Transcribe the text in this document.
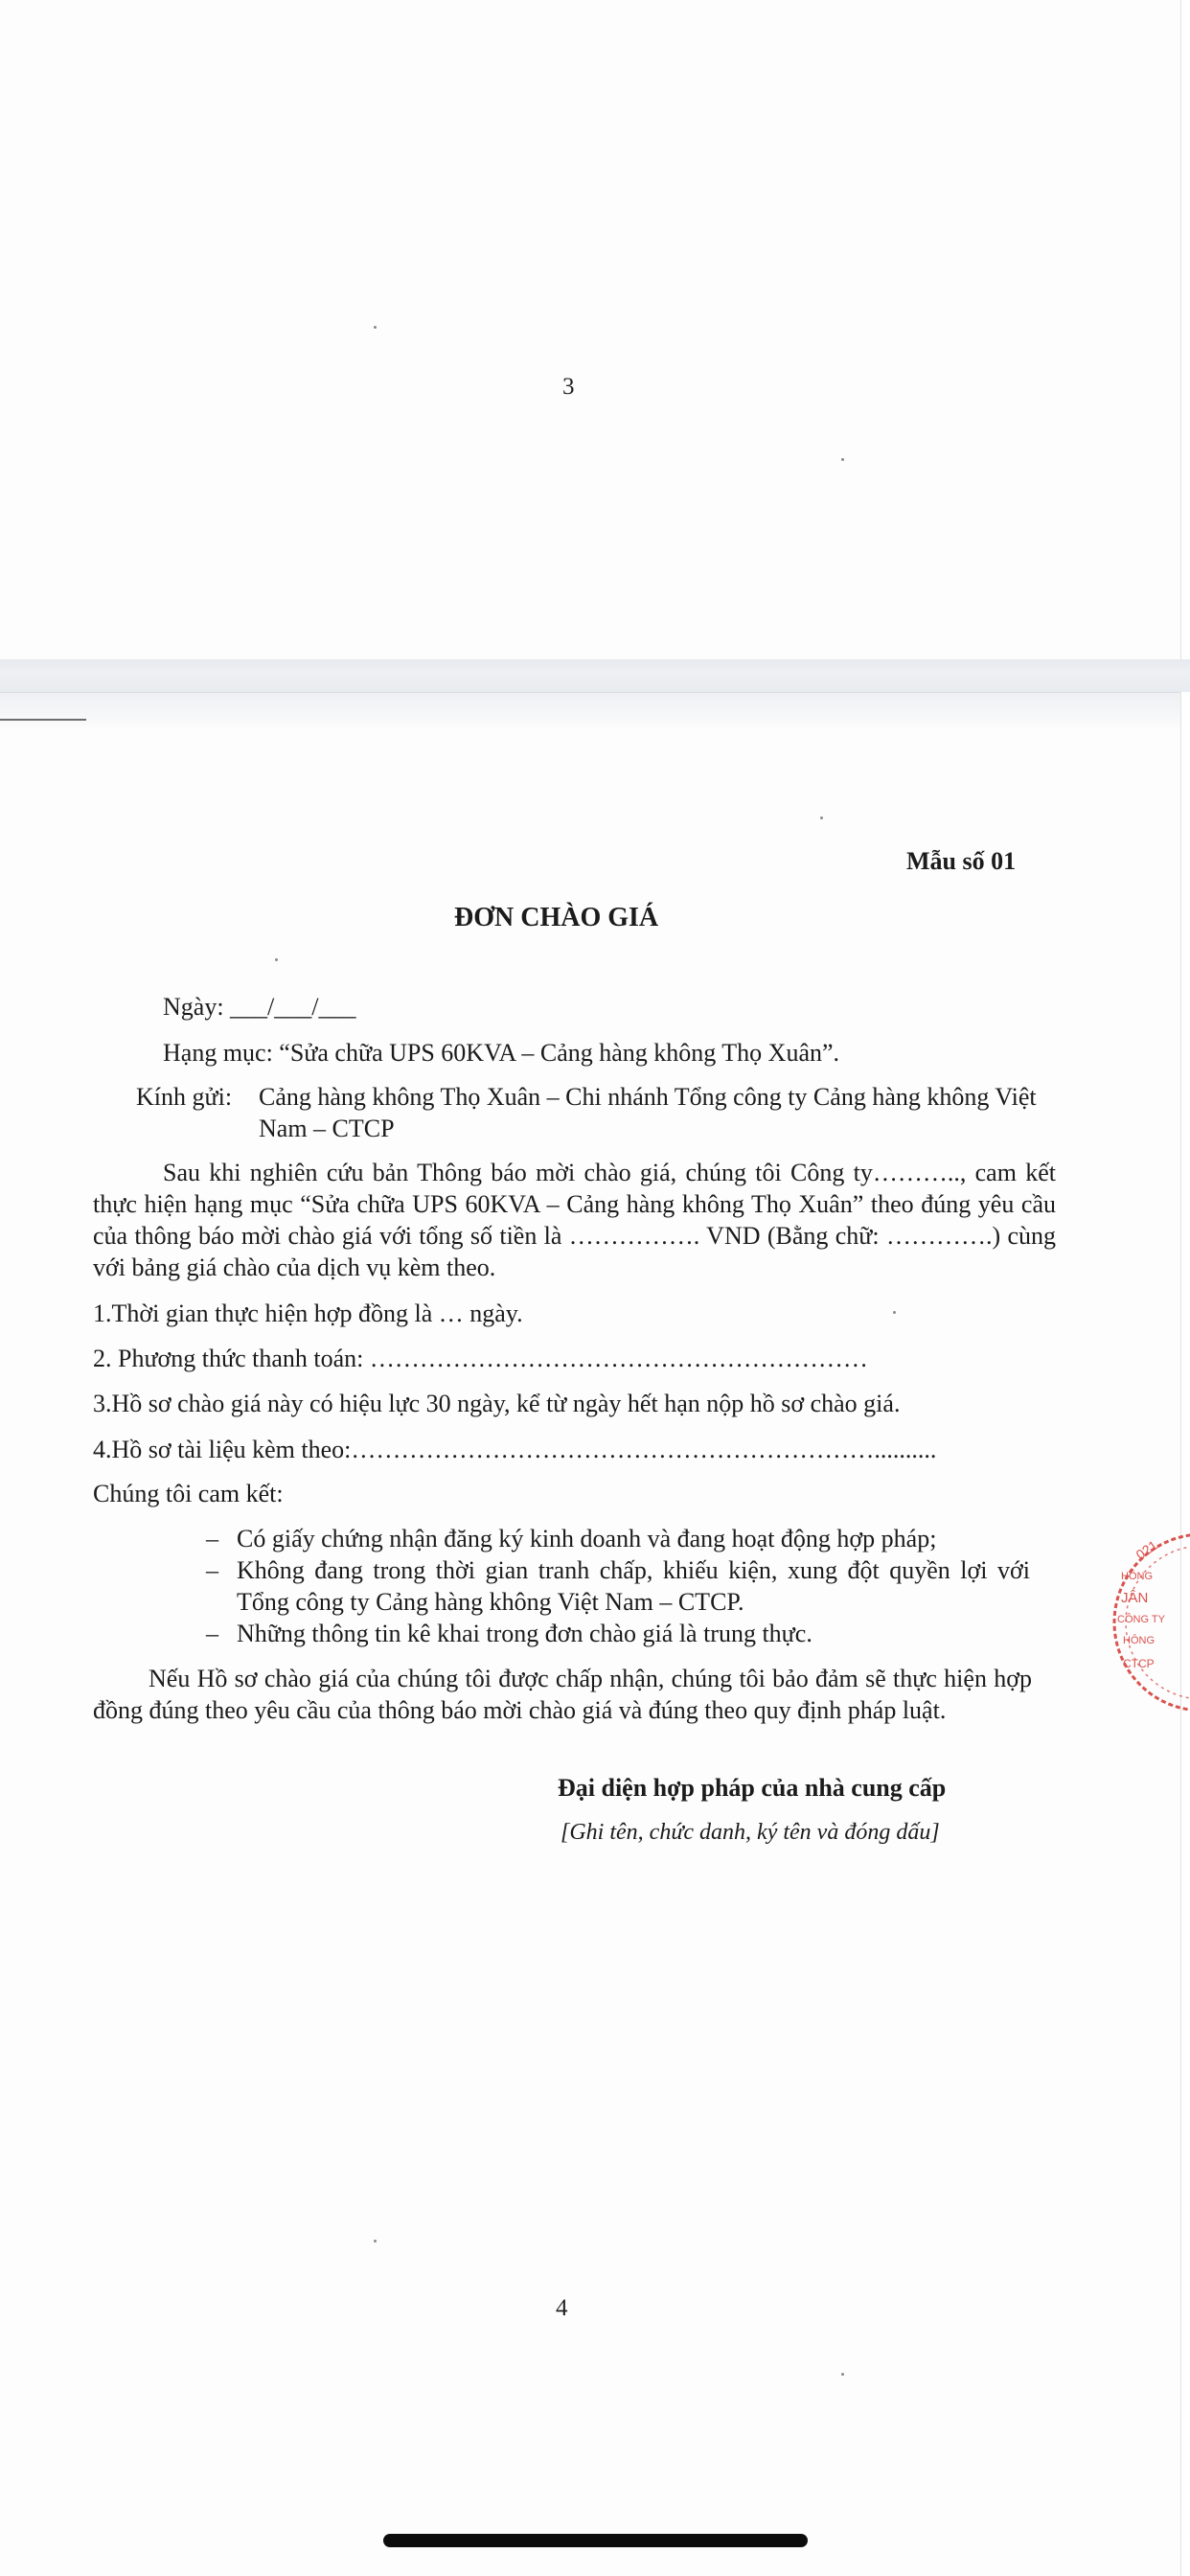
3
Mẫu số 01
ĐƠN CHÀO GIÁ
Ngày: ___/___/___
Hạng mục: “Sửa chữa UPS 60KVA – Cảng hàng không Thọ Xuân”.
Kính gửi: Cảng hàng không Thọ Xuân – Chi nhánh Tổng công ty Cảng hàng không Việt Nam – CTCP
Sau khi nghiên cứu bản Thông báo mời chào giá, chúng tôi Công ty……….., cam kết thực hiện hạng mục “Sửa chữa UPS 60KVA – Cảng hàng không Thọ Xuân” theo đúng yêu cầu của thông báo mời chào giá với tổng số tiền là ……………. VND (Bằng chữ: ………….) cùng với bảng giá chào của dịch vụ kèm theo.
1.Thời gian thực hiện hợp đồng là … ngày.
2. Phương thức thanh toán: ……………………………………………………
3.Hồ sơ chào giá này có hiệu lực 30 ngày, kể từ ngày hết hạn nộp hồ sơ chào giá.
4.Hồ sơ tài liệu kèm theo:………………………………………………………..........
Chúng tôi cam kết:
– Có giấy chứng nhận đăng ký kinh doanh và đang hoạt động hợp pháp;
– Không đang trong thời gian tranh chấp, khiếu kiện, xung đột quyền lợi với Tổng công ty Cảng hàng không Việt Nam – CTCP.
– Những thông tin kê khai trong đơn chào giá là trung thực.
Nếu Hồ sơ chào giá của chúng tôi được chấp nhận, chúng tôi bảo đảm sẽ thực hiện hợp đồng đúng theo yêu cầu của thông báo mời chào giá và đúng theo quy định pháp luật.
Đại diện hợp pháp của nhà cung cấp
[Ghi tên, chức danh, ký tên và đóng dấu]
021
HÔNG
JÂN
CÔNG TY
HÔNG
CTCP
4
